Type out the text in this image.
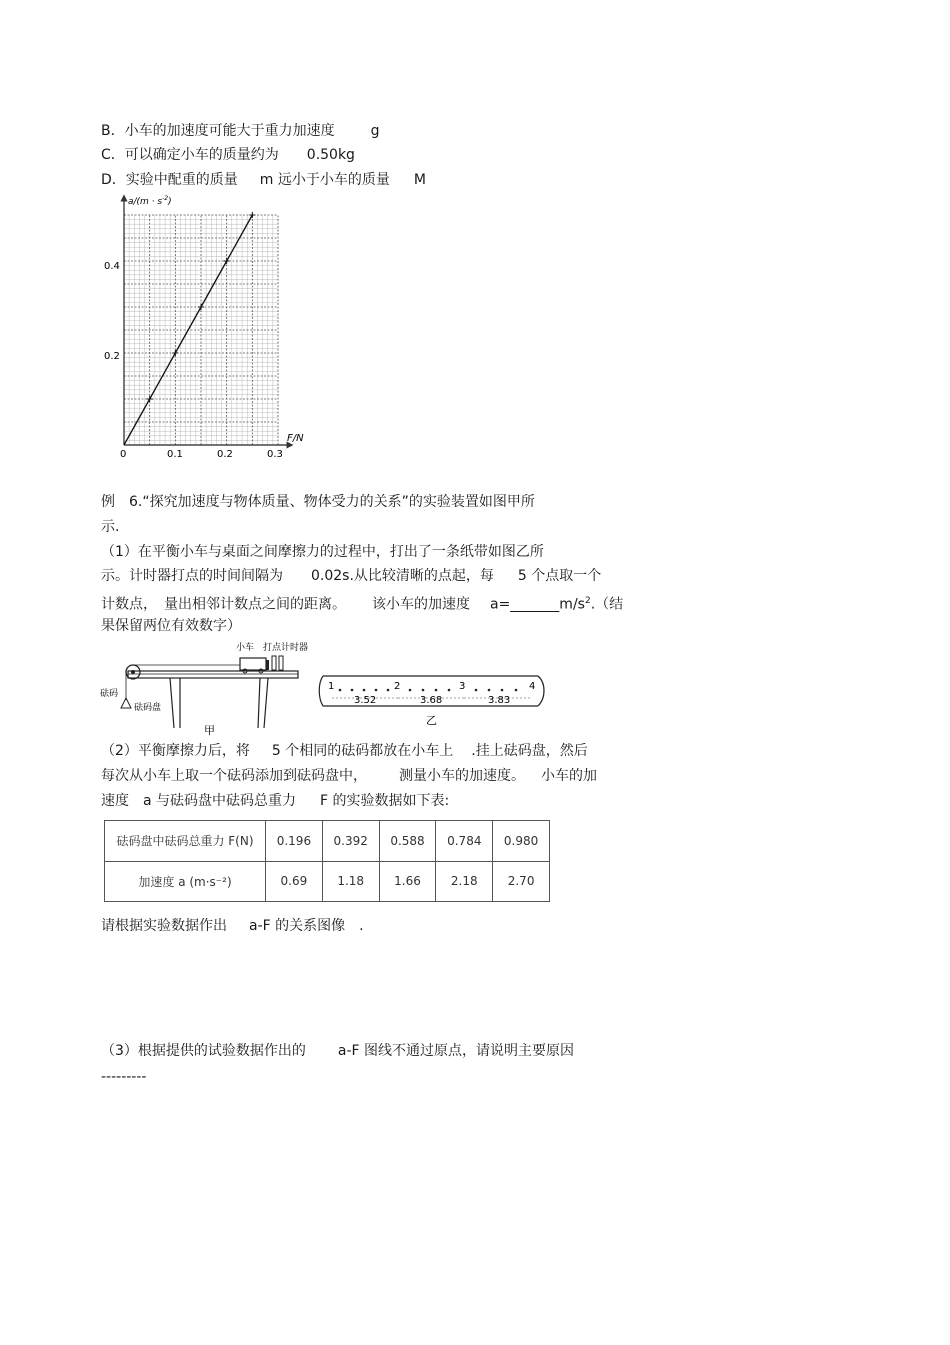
B．小车的加速度可能大于重力加速度	g
C．可以确定小车的质量约为 0.50kg
D．实验中配重的质量 m 远小于小车的质量 M
$a/(m \cdot s^{-2})$
F/N
0
0.4
0.2
0.1	0.2	0.3
例　6.“探究加速度与物体质量、物体受力的关系”的实验装置如图甲所
示.
（1）在平衡小车与桌面之间摩擦力的过程中，打出了一条纸带如图乙所
示。计时器打点的时间间隔为 0.02s.从比较清晰的点起，每 5 个点取一个
计数点，　量出相邻计数点之间的距离。 该小车的加速度 $a=\_\_\_\_\_\_\_m/s^2$.（结
果保留两位有效数字）
小车 打点计时器
砝码
砝码盘
甲
1	2	3	4
3.52	3.68	3.83
乙
（2）平衡摩擦力后，将 5 个相同的砝码都放在小车上 .挂上砝码盘，然后
每次从小车上取一个砝码添加到砝码盘中， 测量小车的加速度。 小车的加
速度　a 与砝码盘中砝码总重力 F 的实验数据如下表:
砝码盘中砝码总重力 F(N)	0.196	0.392	0.588	0.784	0.980
加速度 a (m·s⁻²)	0.69	1.18	1.66	2.18	2.70
请根据实验数据作出 a-F 的关系图像 .
（3）根据提供的试验数据作出的 a-F 图线不通过原点，请说明主要原因
---------
